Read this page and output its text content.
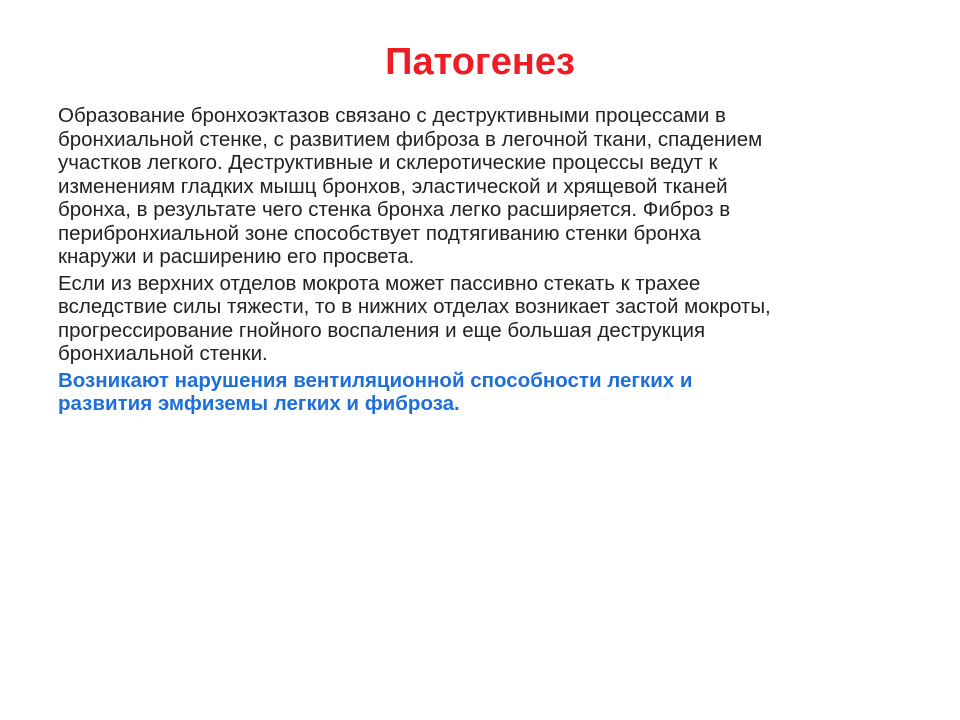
Патогенез

Образование бронхоэктазов связано с деструктивными процессами в
бронхиальной стенке, с развитием фиброза в легочной ткани, спадением
участков легкого. Деструктивные и склеротические процессы ведут к
изменениям гладких мышц бронхов, эластической и хрящевой тканей
бронха, в результате чего стенка бронха легко расширяется. Фиброз в
перибронхиальной зоне способствует подтягиванию стенки бронха
кнаружи и расширению его просвета.

Если из верхних отделов мокрота может пассивно стекать к трахее
вследствие силы тяжести, то в нижних отделах возникает застой мокроты,
прогрессирование гнойного воспаления и еще большая деструкция
бронхиальной стенки.

Возникают нарушения вентиляционной способности легких и
развития эмфиземы легких и фиброза.
